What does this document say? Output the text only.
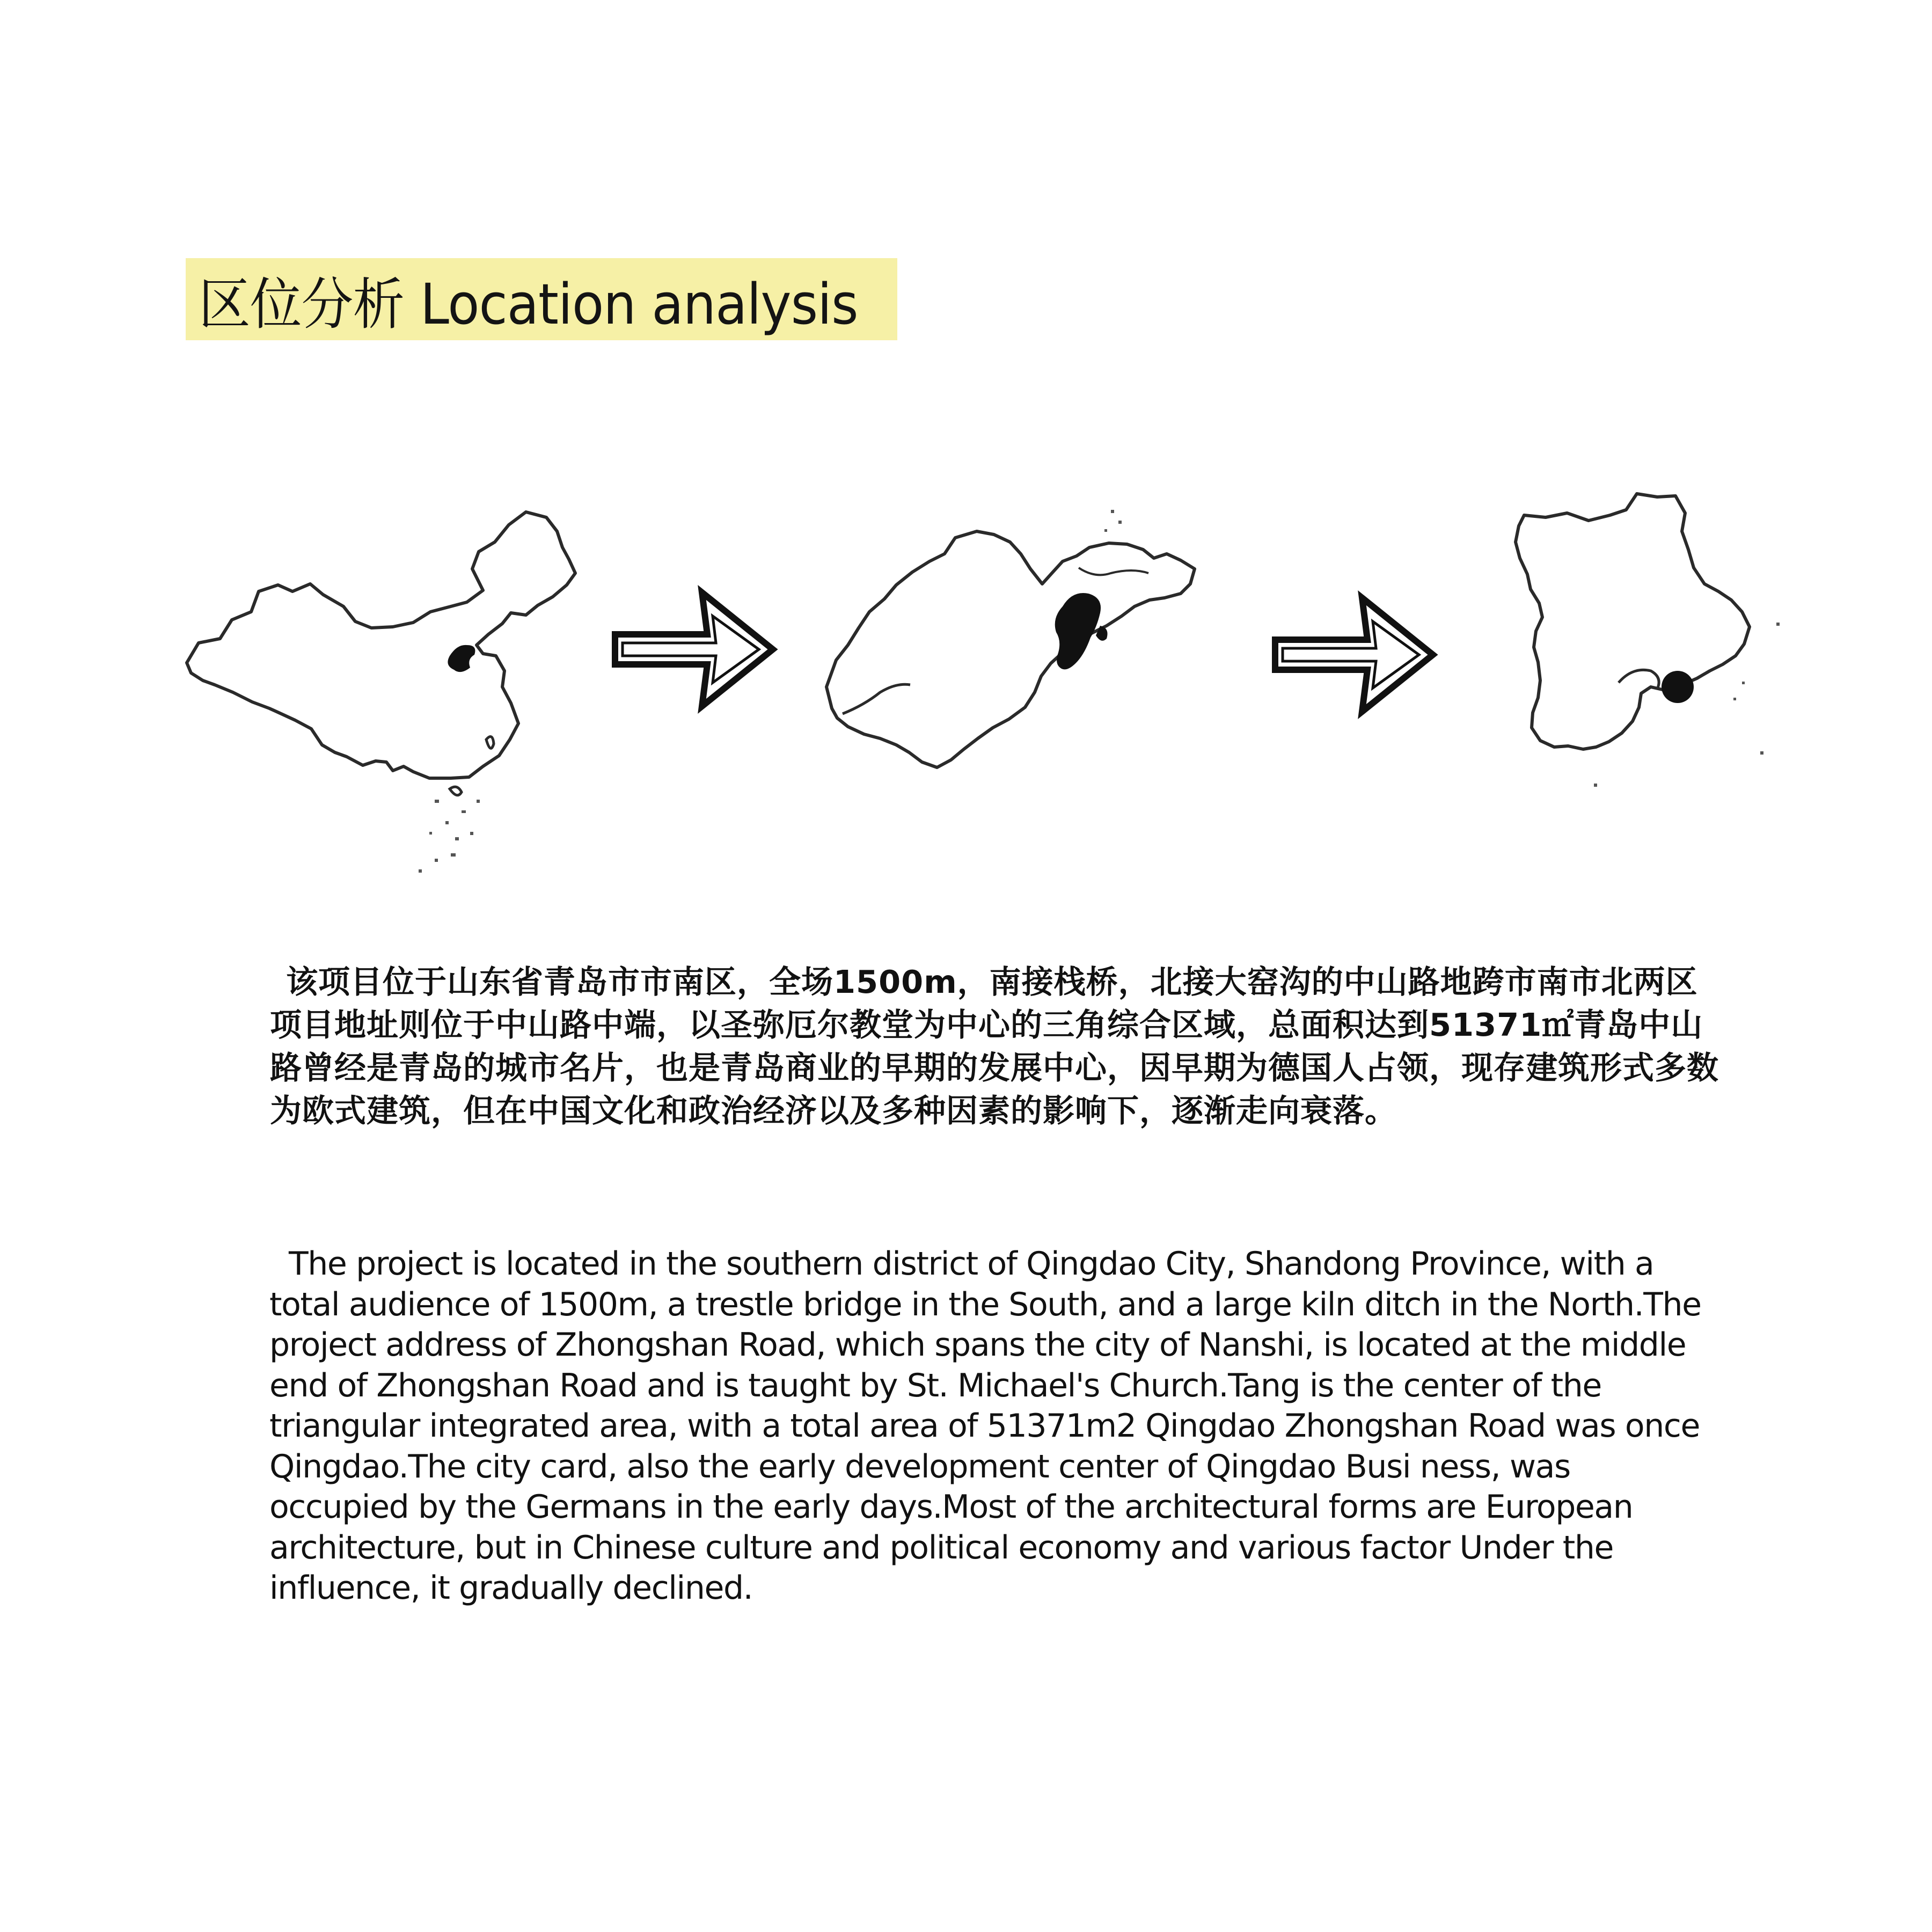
区位分析 Location analysis
该项目位于山东省青岛市市南区，全场1500m，南接栈桥，北接大窑沟的中山路地跨市南市北两区项目地址则位于中山路中端，以圣弥厄尔教堂为中心的三角综合区域，总面积达到51371㎡青岛中山路曾经是青岛的城市名片，也是青岛商业的早期的发展中心，因早期为德国人占领，现存建筑形式多数为欧式建筑，但在中国文化和政治经济以及多种因素的影响下，逐渐走向衰落。
The project is located in the southern district of Qingdao City, Shandong Province, with a total audience of 1500m, a trestle bridge in the South, and a large kiln ditch in the North.The project address of Zhongshan Road, which spans the city of Nanshi, is located at the middle end of Zhongshan Road and is taught by St. Michael's Church.Tang is the center of the triangular integrated area, with a total area of 51371m2 Qingdao Zhongshan Road was once Qingdao.The city card, also the early development center of Qingdao Busi ness, was occupied by the Germans in the early days.Most of the architectural forms are European architecture, but in Chinese culture and political economy and various factor Under the influence, it gradually declined.
